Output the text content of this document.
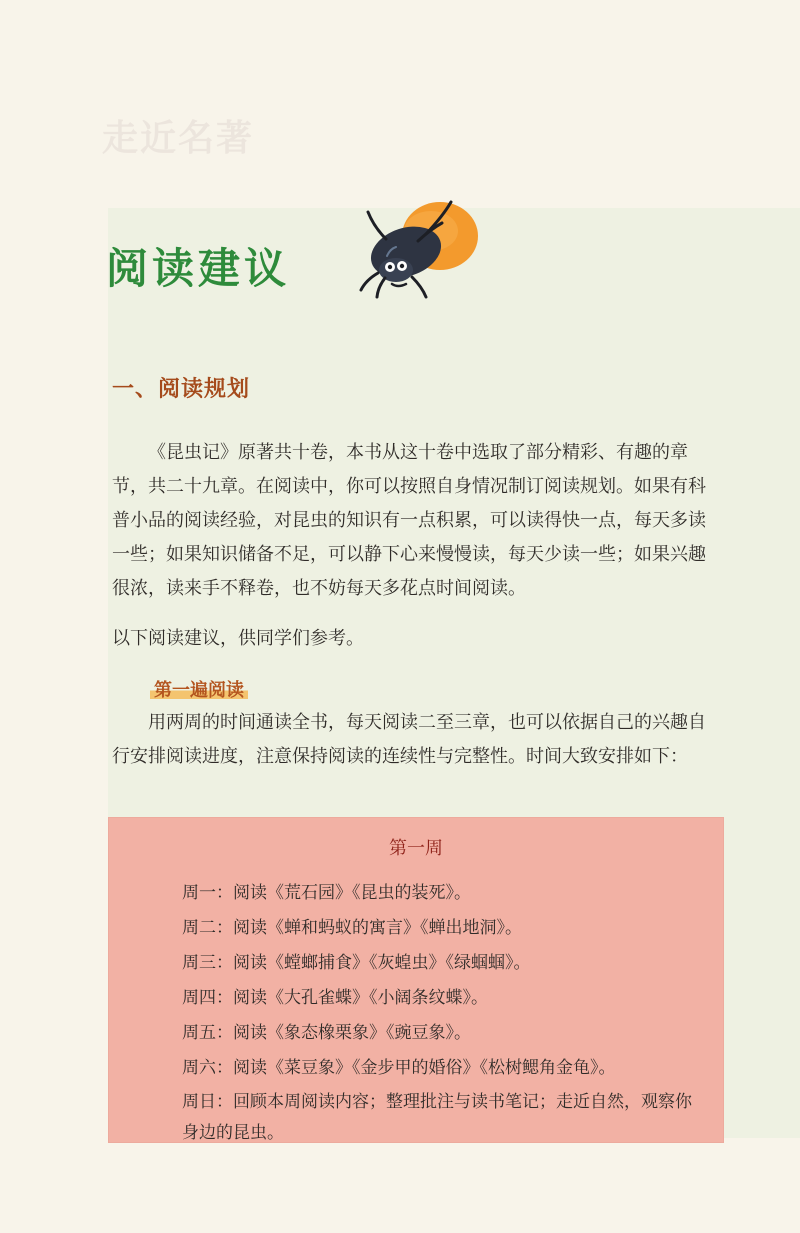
走近名著
阅读建议
一、阅读规划

《昆虫记》原著共十卷，本书从这十卷中选取了部分精彩、有趣的章节，共二十九章。在阅读中，你可以按照自身情况制订阅读规划。如果有科普小品的阅读经验，对昆虫的知识有一点积累，可以读得快一点，每天多读一些；如果知识储备不足，可以静下心来慢慢读，每天少读一些；如果兴趣很浓，读来手不释卷，也不妨每天多花点时间阅读。

以下阅读建议，供同学们参考。

第一遍阅读

用两周的时间通读全书，每天阅读二至三章，也可以依据自己的兴趣自行安排阅读进度，注意保持阅读的连续性与完整性。时间大致安排如下：

第一周
周一：阅读《荒石园》《昆虫的装死》。
周二：阅读《蝉和蚂蚁的寓言》《蝉出地洞》。
周三：阅读《螳螂捕食》《灰蝗虫》《绿蝈蝈》。
周四：阅读《大孔雀蝶》《小阔条纹蝶》。
周五：阅读《象态橡栗象》《豌豆象》。
周六：阅读《菜豆象》《金步甲的婚俗》《松树鳃角金龟》。
周日：回顾本周阅读内容；整理批注与读书笔记；走近自然，观察你身边的昆虫。
